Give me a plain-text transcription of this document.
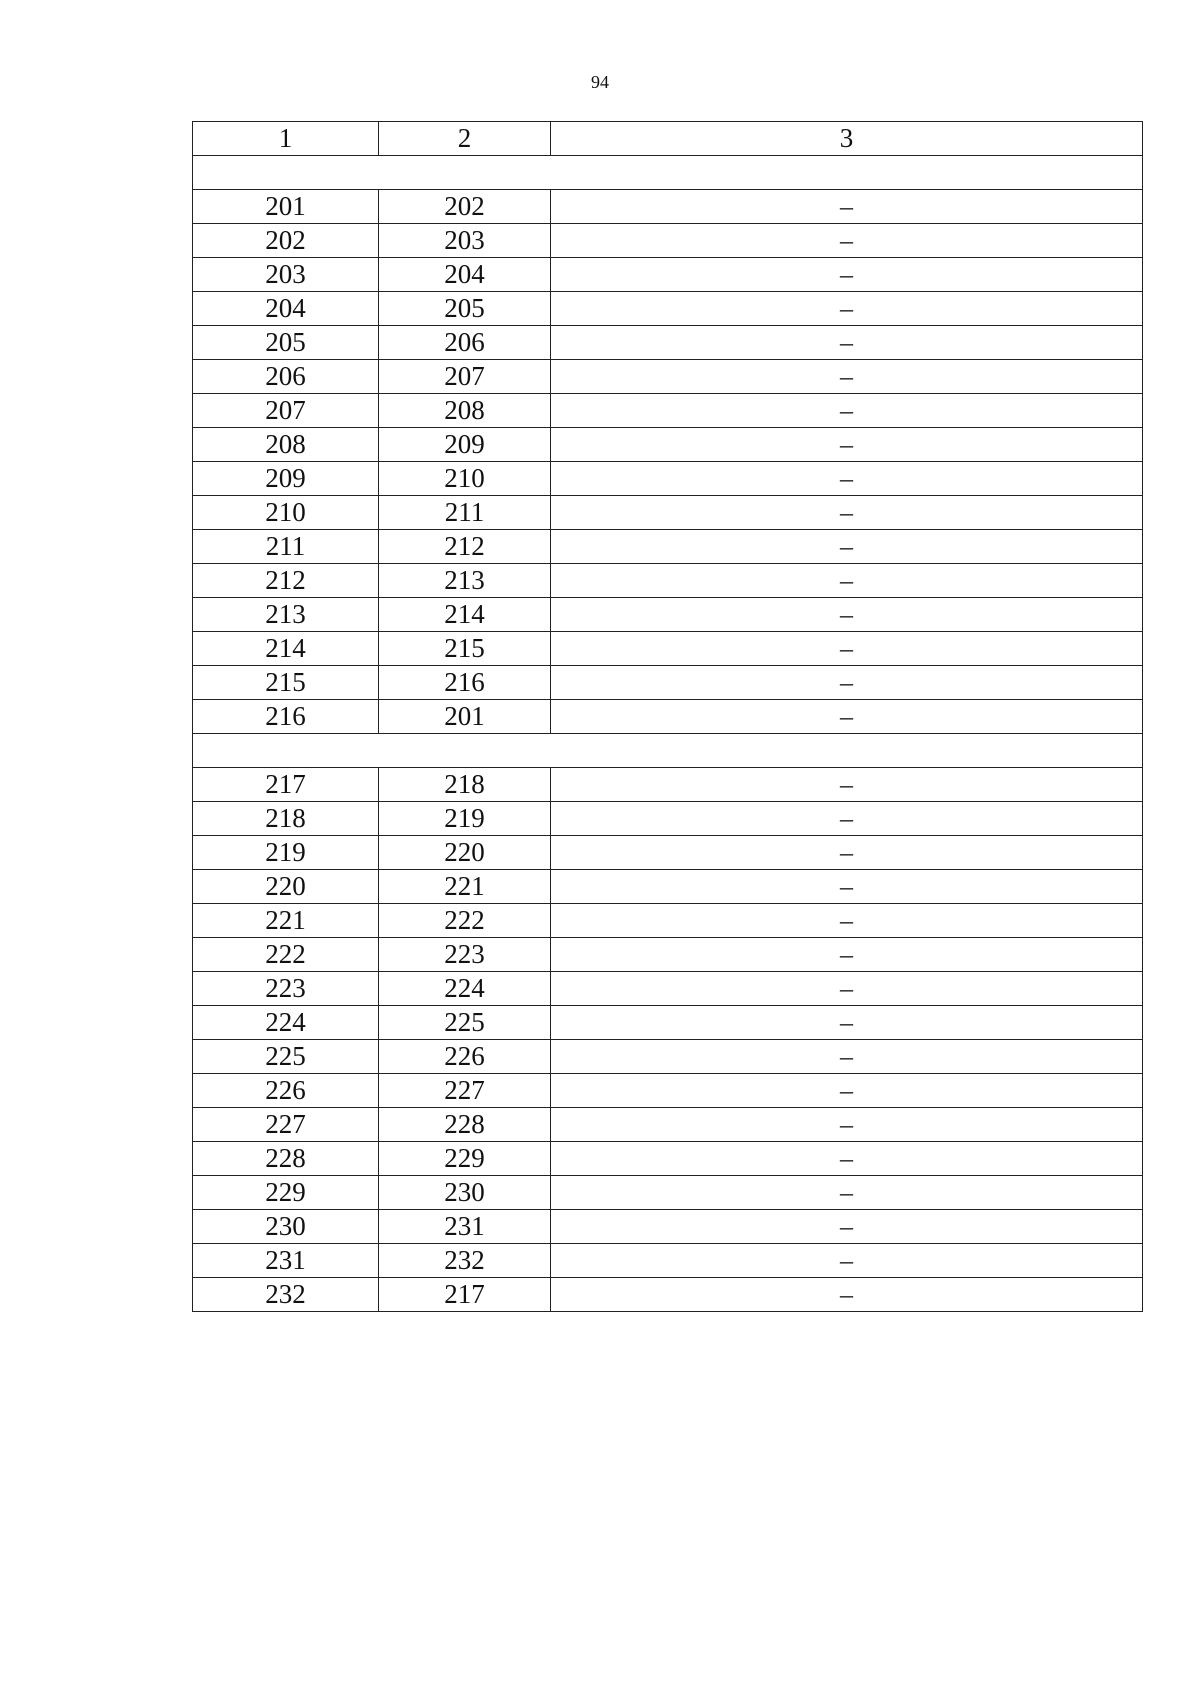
94
1	2	3

201	202	–
202	203	–
203	204	–
204	205	–
205	206	–
206	207	–
207	208	–
208	209	–
209	210	–
210	211	–
211	212	–
212	213	–
213	214	–
214	215	–
215	216	–
216	201	–

217	218	–
218	219	–
219	220	–
220	221	–
221	222	–
222	223	–
223	224	–
224	225	–
225	226	–
226	227	–
227	228	–
228	229	–
229	230	–
230	231	–
231	232	–
232	217	–
